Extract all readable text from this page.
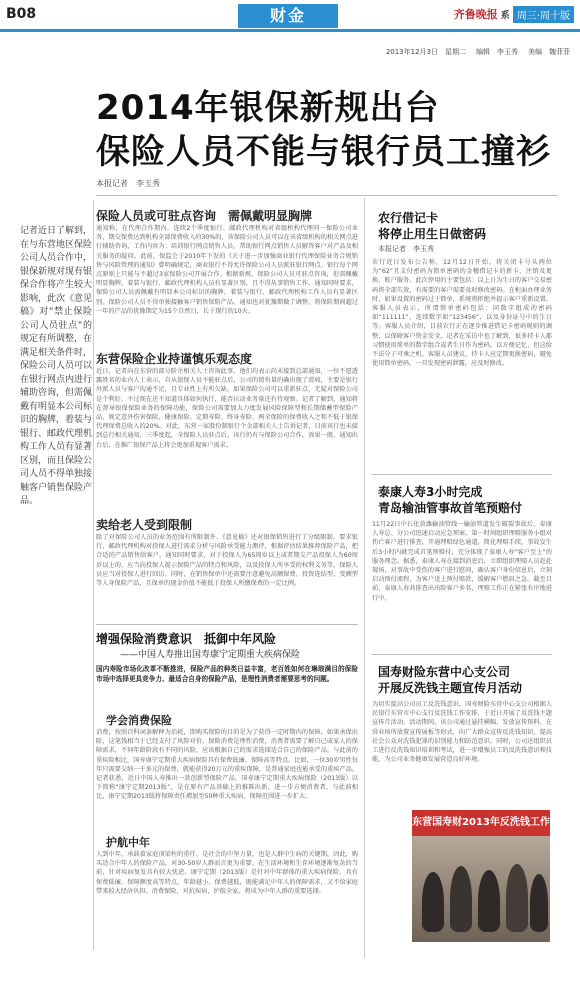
B08	财金	齐鲁晚报 系 周三·周十版
2013年12月3日　星期二 编辑　李玉秀 美编　魏菲菲
2014年银保新规出台
保险人员不能与银行员工撞衫
本报记者　李玉秀
记者近日了解到，在与东营地区保险公司人员合作中，银保新规对现有银保合作将产生较大影响，此次《意见稿》对“禁止保险公司人员驻点”的规定有所调整，在满足相关条件时，保险公司人员可以在银行网点内进行辅助咨询，但需佩戴有明显本公司标识的胸牌，着装与银行、邮政代理机构工作人员有显著区别，而且保险公司人员不得单独接触客户销售保险产品。
保险人员或可驻点咨询　需佩戴明显胸牌
通知称，在代理合作期内，连续2个季度银行、邮政代理机构对省级机构代理同一保险公司业务，期交保费达到机构全部保费收入的30%的，该保险公司人员可以在该省级机构的相关网点进行辅助咨询，工作内容为：培训银行网点销售人员，帮助银行网点销售人员解答客户对产品及相关服务的疑问。此前，保监会于2010年下发的《关于进一步加强商业银行代理保险业务合规销售与风险管理的通知》曾明确规定，商业银行不得允许保险公司人员派驻银行网点。银行每个网点原则上只能与不超过3家保险公司开展合作。根据新规，保险公司人员可驻点咨询，但需佩戴明显胸牌，着装与银行、邮政代理机构人员有显著区别，且不得从事销售工作。通知同时要求，保险公司人员需佩戴有明显本公司标识的胸牌，着装与银行、邮政代理机构工作人员有显著区别。保险公司人员不得单独接触客户销售保险产品，通知也对犹豫期做了调整，将保险期间超过一年的产品的犹豫期定为15个自然日，长于现行的10天。
东营保险企业持谨慎乐观态度
近日，记者向在东营的部分险企相关人士咨询此事，他们均表示尚未接到总部通知，一位不愿透露姓名的业内人士表示，自从银保人员不能驻点后，公司的销售量的确出现了滑坡，主要是银行外派人员与客户沟通不足，且专业性上有所欠缺。如果保险公司可以重新驻点，无疑对保险公司是个利好，不过现在还不知道具体如何执行，能否拉动业务量还有待观察。记者了解到，通知将在督导银保保险业务的保障功能，保险公司需要加大力度发展风险保障型和长期储蓄型保险产品，规定意外伤害保险、健康保险、定期寿险、终身寿险、两全保险的保费收入之和不低于银保代理保费总收入的20%。对此，东营一家股份制银行个金部相关人士告诉记者，目前该行也未接到总行相关通知，三季度起，全保险人员驻点后，该行仍有与保险公司合作，效果一般，通知出台后，在推广银保产品上将会更加重视客户需求。
卖给老人受到限制
除了对保险公司人员的业务范围有所限制外，《意见稿》还对银保销售进行了分级限制，要求银行、邮政代理机构对投保人进行需求分析与风险承受能力测评，根据评估结果推荐保险产品，把合适的产品销售给客户。通知同时要求，对于投保人为65周岁以上或者期交产品投保人为60周岁以上的，应当向投保人提示保险产品的特点和风险，以及投保人所享受的权利义务等，保险人员应当对投保人进行回访。同时，在销售保单中还需要注意避免高额保费、投资连结型、变额型等人身保险产品，且保单的现金价值不能低于投保人所缴保费的一定比例。
增强保险消费意识　抵御中年风险
——中国人寿推出国寿康宁定期重大疾病保险
国内寿险市场化改革不断推进，保险产品的种类日益丰富，老百姓如何在琳琅满目的保险市场中选择更具竞争力、最适合自身的保险产品，是理性消费者需要思考的问题。
学会消费保险
消费，按照百科词条解释为消耗，即购买保险的目的是为了获得一定时期内的保障。如果承保出险，这笔钱相当于已经支付了风险对价，保险消费是理性消费，消费者需要了解自己或家人的保障需求，不同年龄阶段有不同的风险，应该根据自己的需求选择适合自己的保险产品。与此前的重疾险相比，国寿康宁定期重大疾病保险具有保费低廉、保障高等特点。比如，一位30岁男性每年只需要交纳一千多元的保费，就能获得20万元的重疾保障，是普通家庭也能承受的重疾产品。记者获悉，近日中国人寿推出一款创新型保险产品，国寿康宁定期重大疾病保险（2013版）以下简称“康宁定期2013版”，是在原有产品基础上的推陈出新，进一步方便消费者，与此前相比，康宁定期2013版将保障责任增加至50种重大疾病，保障范围进一步扩大。
护航中年
人到中年，承载着家庭顶梁柱的重任，是社会的中坚力量，也是人群中生病的关键期，因此，购买适合中年人的保险产品，对30-50岁人群而言更为重要。在生活环境和生存环境逐渐复杂的当前，针对疾病复发具有较大忧虑。康宁定期（2013版）是针对中年群体的重大疾病保险，具有保费低廉、保障额度高等特点，年龄越小、保费越低，既能满足中年人的保障需求，又不给家庭带来较大经济负担。消费保险，对抗疾病，护航全家，将成为中年人群的重要选择。
农行借记卡
将停止用生日做密码
本报记者　李玉秀
农行近日发布公告称，12月12日开始，将关闭卡号头两位为“62”且支付密码为简单密码的金穗借记卡的新卡、注销及更换、账户服务。此次停用的主要包括：以上日为生日的客户交易密码将全部失效，有需要的客户需要及时修改密码。在柜面办理业务时，如果设置的密码过于简单，系统将拒绝并提示客户重新设置。客服人员表示，所谓简单密码包括：同数字组成的密码如“111111”，连续数字如“123456”，以及身份证号中的生日等。客服人员介绍，目前农行正在逐步推进借记卡密码规则的调整，以保障客户资金安全。记者在采访中也了解到，很多持卡人都习惯使用简单的数字组合或者生日作为密码，以方便记忆，但这给不法分子可乘之机。客服人员建议，持卡人应定期更换密码，避免使用简单密码，一旦发现密码泄露，应及时修改。
泰康人寿3小时完成
青岛输油管事故首笔预赔付
11月22日中石化黄潍输油管线一输油管道发生破裂事故后，泰康人寿总、分公司迅速启动应急预案，第一时间组织理赔服务小组对伤亡客户进行排查，开通理赔绿色通道，简化理赔手续，事故发生后3小时内就完成首笔预赔付，充分体现了泰康人寿“客户至上”的服务理念。据悉，泰康人寿在接到消息后，立即组织理赔人员赶赴现场，对事故中受伤的客户进行慰问，确认客户身份信息后，立刻启动预付流程，为客户送上预付赔款，缓解客户燃眉之急。截至目前，泰康人寿共排查出出险客户多名，理赔工作正在紧张有序地进行中。
国寿财险东营中心支公司
开展反洗钱主题宣传月活动
为切实提高公司员工反洗钱意识，国寿财险东营中心支公司根据人民银行东营市中心支行反洗钱工作安排，于近日开展了反洗钱主题宣传月活动。活动期间，该公司通过悬挂横幅、发放宣传资料、在营业场所放置宣传展板等形式，向广大群众宣传反洗钱知识，提高社会公众对洗钱犯罪的识别能力和防范意识。同时，公司还组织员工进行反洗钱知识培训和考试，进一步增强员工的反洗钱意识和技能，为公司业务健康发展营造良好环境。
东营国寿财2013年反洗钱工作
